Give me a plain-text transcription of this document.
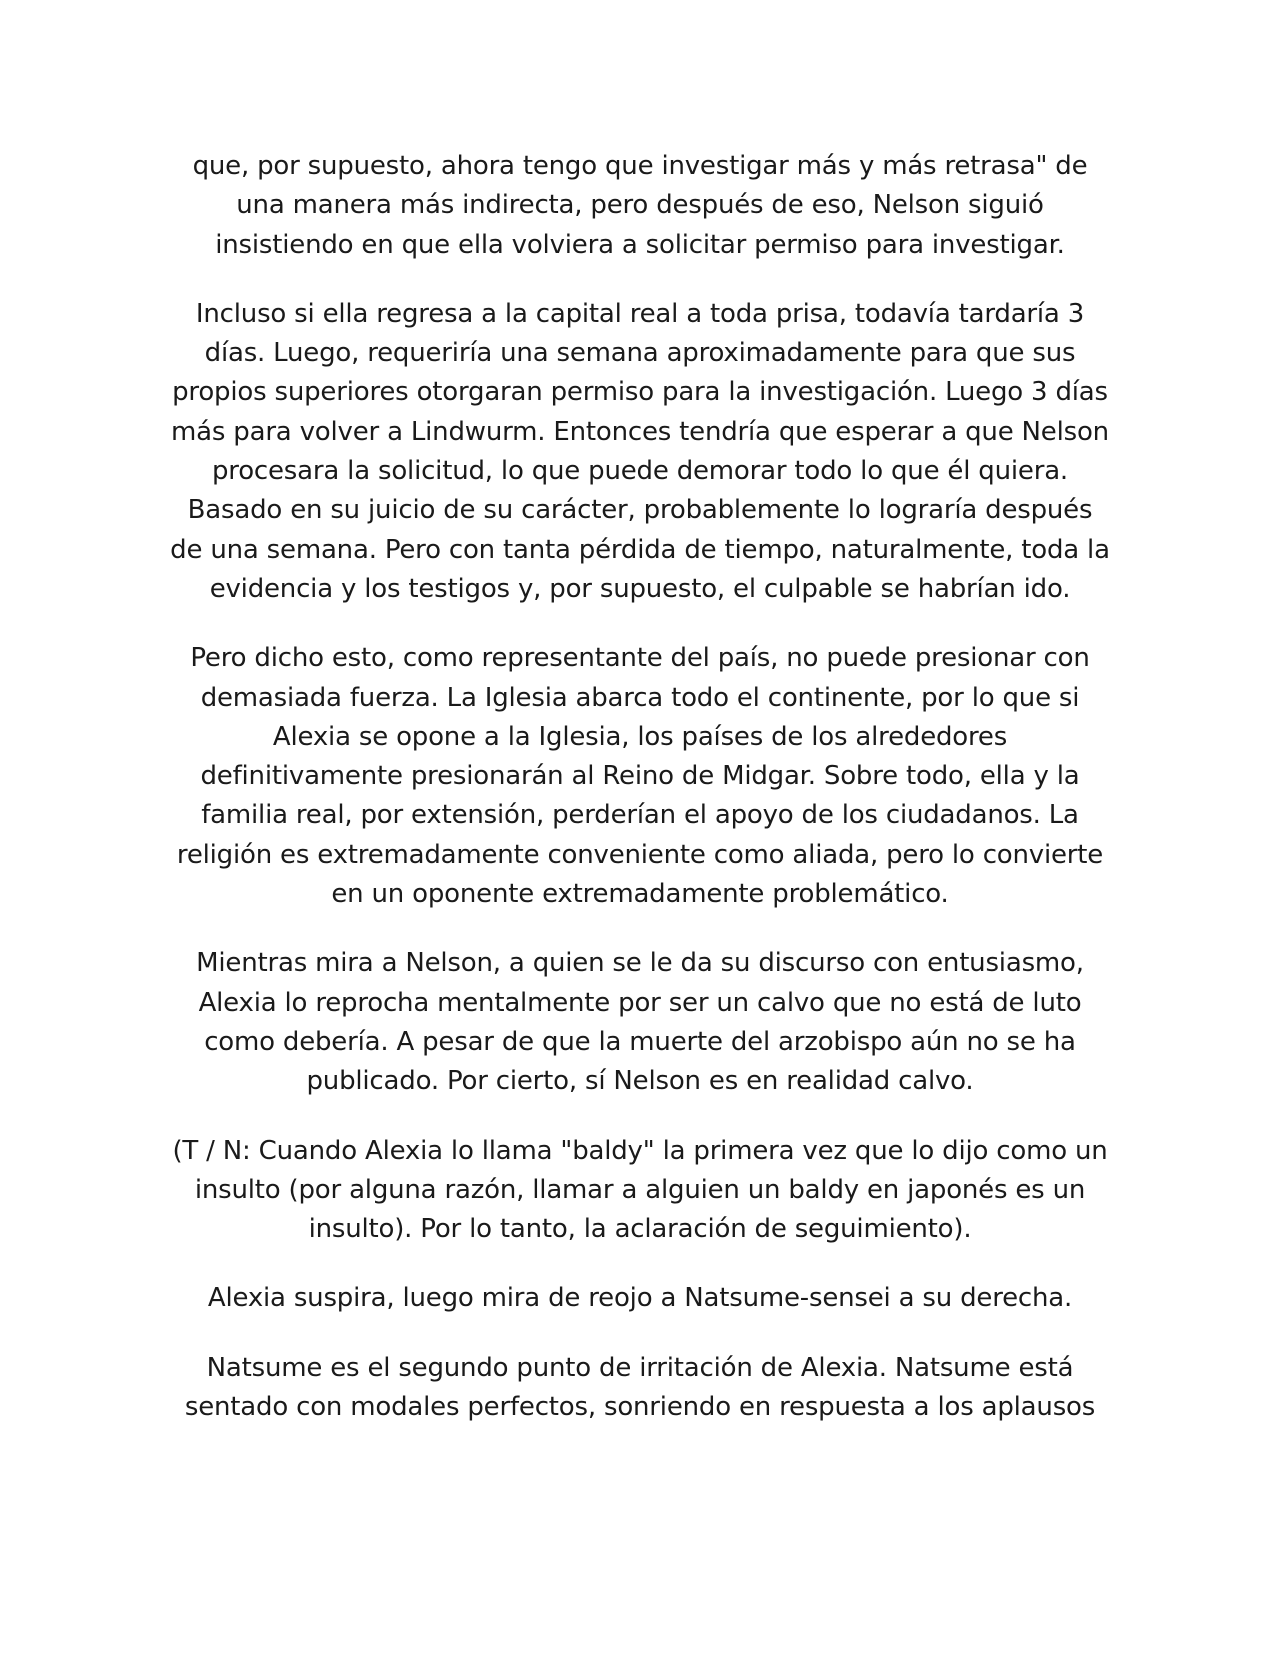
que, por supuesto, ahora tengo que investigar más y más retrasa" de una manera más indirecta, pero después de eso, Nelson siguió insistiendo en que ella volviera a solicitar permiso para investigar.

Incluso si ella regresa a la capital real a toda prisa, todavía tardaría 3 días. Luego, requeriría una semana aproximadamente para que sus propios superiores otorgaran permiso para la investigación. Luego 3 días más para volver a Lindwurm. Entonces tendría que esperar a que Nelson procesara la solicitud, lo que puede demorar todo lo que él quiera. Basado en su juicio de su carácter, probablemente lo lograría después de una semana. Pero con tanta pérdida de tiempo, naturalmente, toda la evidencia y los testigos y, por supuesto, el culpable se habrían ido.

Pero dicho esto, como representante del país, no puede presionar con demasiada fuerza. La Iglesia abarca todo el continente, por lo que si Alexia se opone a la Iglesia, los países de los alrededores definitivamente presionarán al Reino de Midgar. Sobre todo, ella y la familia real, por extensión, perderían el apoyo de los ciudadanos. La religión es extremadamente conveniente como aliada, pero lo convierte en un oponente extremadamente problemático.

Mientras mira a Nelson, a quien se le da su discurso con entusiasmo, Alexia lo reprocha mentalmente por ser un calvo que no está de luto como debería. A pesar de que la muerte del arzobispo aún no se ha publicado. Por cierto, sí Nelson es en realidad calvo.

(T / N: Cuando Alexia lo llama "baldy" la primera vez que lo dijo como un insulto (por alguna razón, llamar a alguien un baldy en japonés es un insulto). Por lo tanto, la aclaración de seguimiento).

Alexia suspira, luego mira de reojo a Natsume-sensei a su derecha.

Natsume es el segundo punto de irritación de Alexia. Natsume está sentado con modales perfectos, sonriendo en respuesta a los aplausos
